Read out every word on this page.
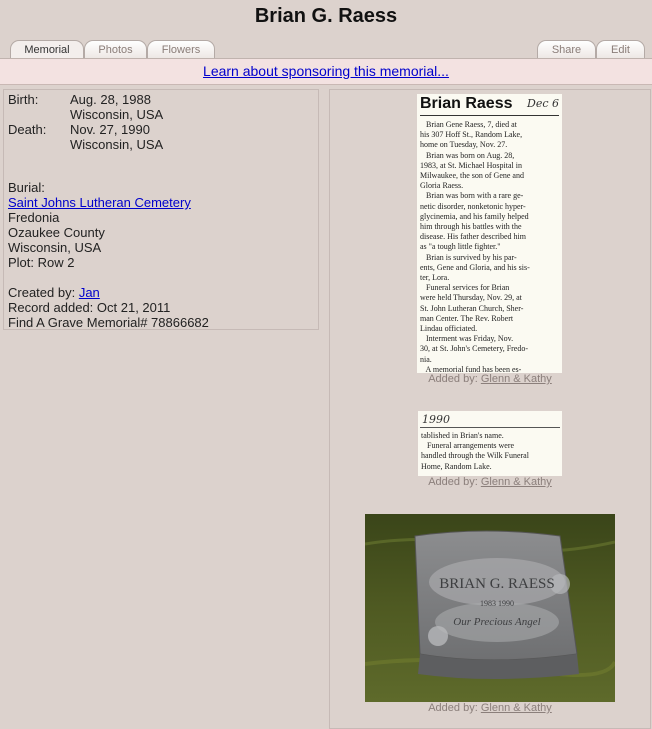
Brian G. Raess
Memorial	Photos	Flowers	Share	Edit
Learn about sponsoring this memorial...
Birth: Aug. 28, 1988
Wisconsin, USA
Death: Nov. 27, 1990
Wisconsin, USA
Burial:
Saint Johns Lutheran Cemetery
Fredonia
Ozaukee County
Wisconsin, USA
Plot: Row 2
Created by: Jan
Record added: Oct 21, 2011
Find A Grave Memorial# 78866682
Brian Raess Dec 6
Brian Gene Raess, 7, died at
his 307 Hoff St., Random Lake,
home on Tuesday, Nov. 27.
Brian was born on Aug. 28,
1983, at St. Michael Hospital in
Milwaukee, the son of Gene and
Gloria Raess.
Brian was born with a rare ge-
netic disorder, nonketonic hyper-
glycinemia, and his family helped
him through his battles with the
disease. His father described him
as "a tough little fighter."
Brian is survived by his par-
ents, Gene and Gloria, and his sis-
ter, Lora.
Funeral services for Brian
were held Thursday, Nov. 29, at
St. John Lutheran Church, Sher-
man Center. The Rev. Robert
Lindau officiated.
Interment was Friday, Nov.
30, at St. John's Cemetery, Fredo-
nia.
A memorial fund has been es-
Added by: Glenn & Kathy
1990
tablished in Brian's name.
Funeral arrangements were
handled through the Wilk Funeral
Home, Random Lake.
Added by: Glenn & Kathy
BRIAN G. RAESS
1983 1990
Our Precious Angel
Added by: Glenn & Kathy
